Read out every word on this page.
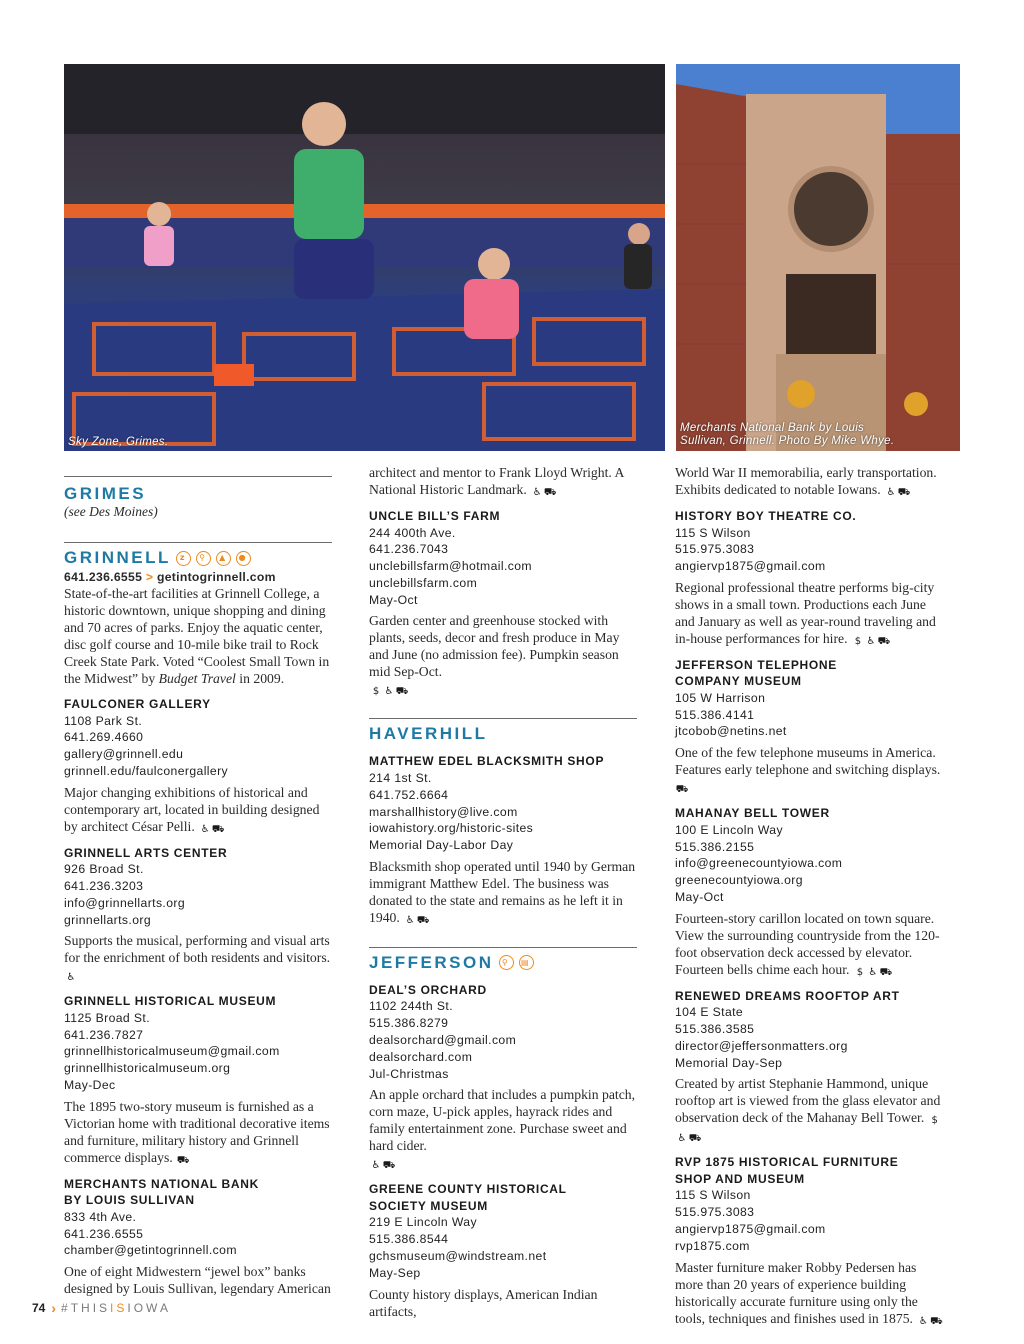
Sky Zone, Grimes.
Merchants National Bank by Louis
Sullivan, Grinnell. Photo By Mike Whye.
GRIMES
(see Des Moines)
GRINNELL	z	⚲	▲	●
641.236.6555 > getintogrinnell.com
State-of-the-art facilities at Grinnell College, a historic downtown, unique shopping and dining and 70 acres of parks. Enjoy the aquatic center, disc golf course and 10-mile bike trail to Rock Creek State Park. Voted “Coolest Small Town in the Midwest” by Budget Travel in 2009.
FAULCONER GALLERY
1108 Park St.
641.269.4660
gallery@grinnell.edu
grinnell.edu/faulconergallery
Major changing exhibitions of historical and contemporary art, located in building designed by architect César Pelli. ♿ ⛟
GRINNELL ARTS CENTER
926 Broad St.
641.236.3203
info@grinnellarts.org
grinnellarts.org
Supports the musical, performing and visual arts for the enrichment of both residents and visitors. ♿
GRINNELL HISTORICAL MUSEUM
1125 Broad St.
641.236.7827
grinnellhistoricalmuseum@gmail.com
grinnellhistoricalmuseum.org
May-Dec
The 1895 two-story museum is furnished as a Victorian home with traditional decorative items and furniture, military history and Grinnell commerce displays. ⛟
MERCHANTS NATIONAL BANK
BY LOUIS SULLIVAN
833 4th Ave.
641.236.6555
chamber@getintogrinnell.com
One of eight Midwestern “jewel box” banks designed by Louis Sullivan, legendary American
architect and mentor to Frank Lloyd Wright. A National Historic Landmark. ♿ ⛟
UNCLE BILL’S FARM
244 400th Ave.
641.236.7043
unclebillsfarm@hotmail.com
unclebillsfarm.com
May-Oct
Garden center and greenhouse stocked with plants, seeds, decor and fresh produce in May and June (no admission fee). Pumpkin season mid Sep-Oct.
$ ♿ ⛟
HAVERHILL
MATTHEW EDEL BLACKSMITH SHOP
214 1st St.
641.752.6664
marshallhistory@live.com
iowahistory.org/historic-sites
Memorial Day-Labor Day
Blacksmith shop operated until 1940 by German immigrant Matthew Edel. The business was donated to the state and remains as he left it in 1940. ♿ ⛟
JEFFERSON	⚲	▤
DEAL’S ORCHARD
1102 244th St.
515.386.8279
dealsorchard@gmail.com
dealsorchard.com
Jul-Christmas
An apple orchard that includes a pumpkin patch, corn maze, U-pick apples, hayrack rides and family entertainment zone. Purchase sweet and hard cider.
♿ ⛟
GREENE COUNTY HISTORICAL
SOCIETY MUSEUM
219 E Lincoln Way
515.386.8544
gchsmuseum@windstream.net
May-Sep
County history displays, American Indian artifacts,
World War II memorabilia, early transportation. Exhibits dedicated to notable Iowans. ♿ ⛟
HISTORY BOY THEATRE CO.
115 S Wilson
515.975.3083
angiervp1875@gmail.com
Regional professional theatre performs big-city shows in a small town. Productions each June and January as well as year-round traveling and in-house performances for hire. $ ♿ ⛟
JEFFERSON TELEPHONE
COMPANY MUSEUM
105 W Harrison
515.386.4141
jtcobob@netins.net
One of the few telephone museums in America. Features early telephone and switching displays. ⛟
MAHANAY BELL TOWER
100 E Lincoln Way
515.386.2155
info@greenecountyiowa.com
greenecountyiowa.org
May-Oct
Fourteen-story carillon located on town square. View the surrounding countryside from the 120-foot observation deck accessed by elevator. Fourteen bells chime each hour. $ ♿ ⛟
RENEWED DREAMS ROOFTOP ART
104 E State
515.386.3585
director@jeffersonmatters.org
Memorial Day-Sep
Created by artist Stephanie Hammond, unique rooftop art is viewed from the glass elevator and observation deck of the Mahanay Bell Tower. $♿ ⛟
RVP 1875 HISTORICAL FURNITURE
SHOP AND MUSEUM
115 S Wilson
515.975.3083
angiervp1875@gmail.com
rvp1875.com
Master furniture maker Robby Pedersen has more than 20 years of experience building historically accurate furniture using only the tools, techniques and finishes used in 1875. ♿ ⛟
74 › #THISISIOWA
